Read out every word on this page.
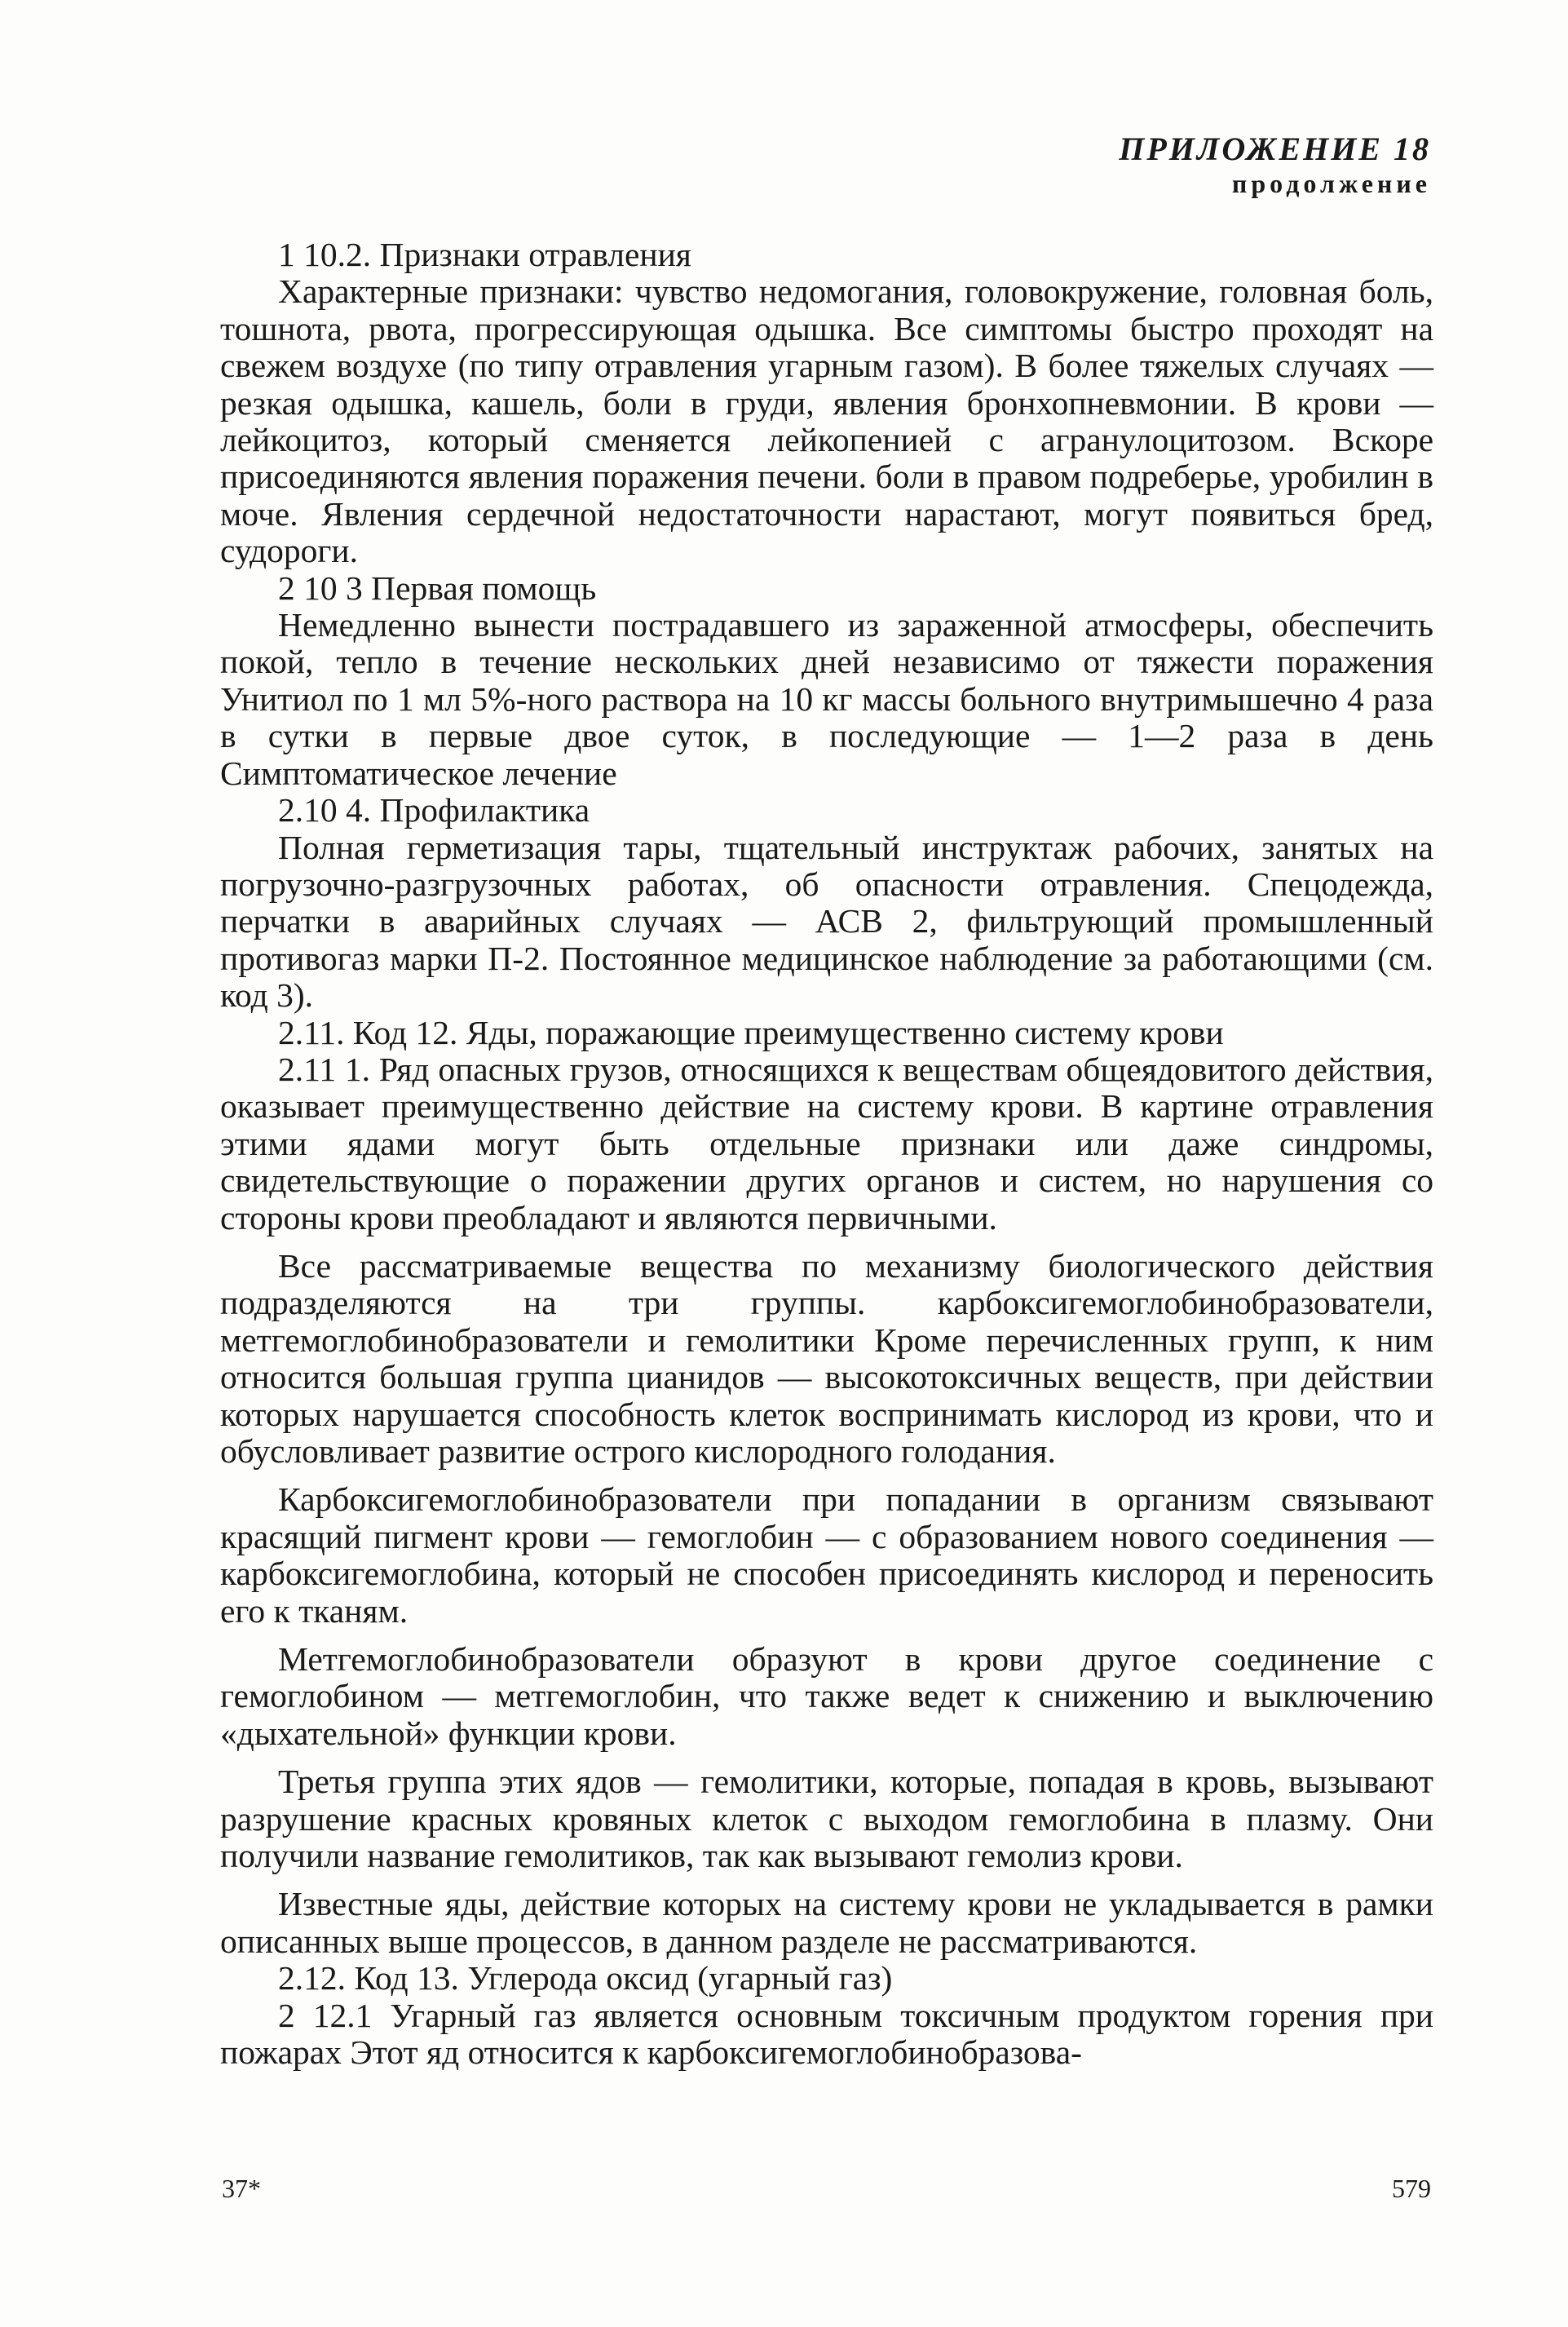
ПРИЛОЖЕНИЕ 18
продолжение

1 10.2. Признаки отравления

Характерные признаки: чувство недомогания, головокружение, головная боль, тошнота, рвота, прогрессирующая одышка. Все симптомы быстро проходят на свежем воздухе (по типу отравления угарным газом). В более тяжелых случаях — резкая одышка, кашель, боли в груди, явления бронхопневмонии. В крови — лейкоцитоз, который сменяется лейкопенией с агранулоцитозом. Вскоре присоединяются явления поражения печени. боли в правом подреберье, уробилин в моче. Явления сердечной недостаточности нарастают, могут появиться бред, судороги.

2 10 3 Первая помощь

Немедленно вынести пострадавшего из зараженной атмосферы, обеспечить покой, тепло в течение нескольких дней независимо от тяжести поражения Унитиол по 1 мл 5%-ного раствора на 10 кг массы больного внутримышечно 4 раза в сутки в первые двое суток, в последующие — 1—2 раза в день Симптоматическое лечение

2.10 4. Профилактика

Полная герметизация тары, тщательный инструктаж рабочих, занятых на погрузочно-разгрузочных работах, об опасности отравления. Спецодежда, перчатки в аварийных случаях — АСВ 2, фильтрующий промышленный противогаз марки П-2. Постоянное медицинское наблюдение за работающими (см. код 3).

2.11. Код 12. Яды, поражающие преимущественно систему крови

2.11 1. Ряд опасных грузов, относящихся к веществам общеядовитого действия, оказывает преимущественно действие на систему крови. В картине отравления этими ядами могут быть отдельные признаки или даже синдромы, свидетельствующие о поражении других органов и систем, но нарушения со стороны крови преобладают и являются первичными.

Все рассматриваемые вещества по механизму биологического действия подразделяются на три группы. карбоксигемоглобинобразователи, метгемоглобинобразователи и гемолитики Кроме перечисленных групп, к ним относится большая группа цианидов — высокотоксичных веществ, при действии которых нарушается способность клеток воспринимать кислород из крови, что и обусловливает развитие острого кислородного голодания.

Карбоксигемоглобинобразователи при попадании в организм связывают красящий пигмент крови — гемоглобин — с образованием нового соединения — карбоксигемоглобина, который не способен присоединять кислород и переносить его к тканям.

Метгемоглобинобразователи образуют в крови другое соединение с гемоглобином — метгемоглобин, что также ведет к снижению и выключению «дыхательной» функции крови.

Третья группа этих ядов — гемолитики, которые, попадая в кровь, вызывают разрушение красных кровяных клеток с выходом гемоглобина в плазму. Они получили название гемолитиков, так как вызывают гемолиз крови.

Известные яды, действие которых на систему крови не укладывается в рамки описанных выше процессов, в данном разделе не рассматриваются.

2.12. Код 13. Углерода оксид (угарный газ)

2 12.1 Угарный газ является основным токсичным продуктом горения при пожарах Этот яд относится к карбоксигемоглобинобразова-

37*	579
